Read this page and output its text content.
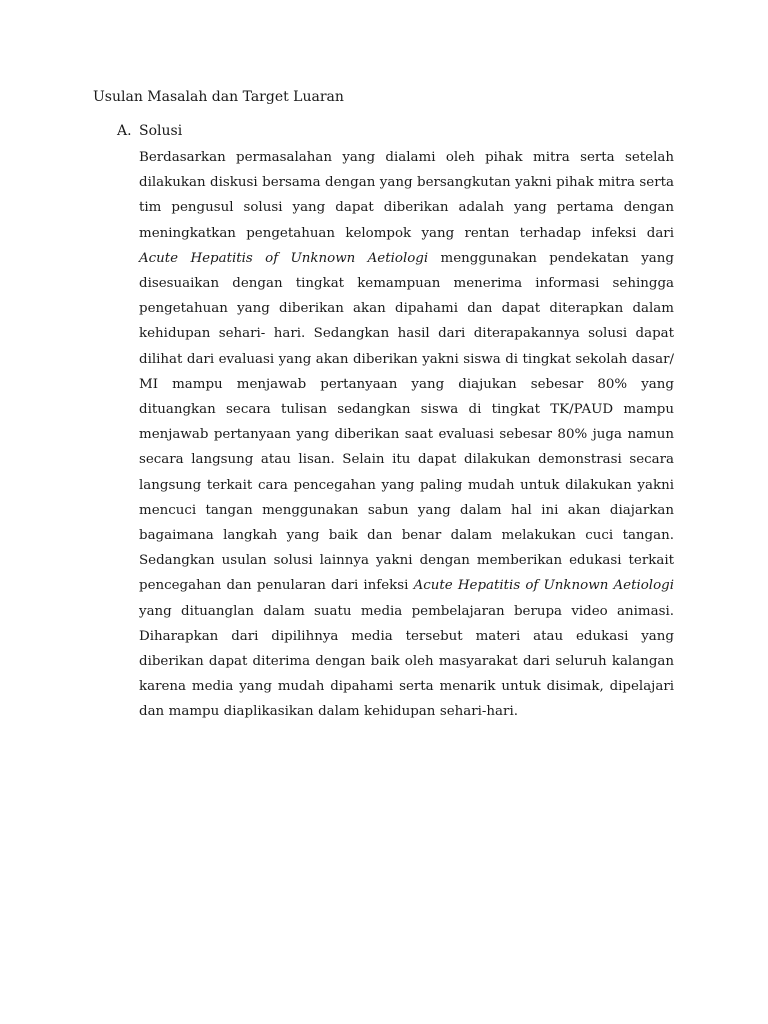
Usulan Masalah dan Target Luaran
A. Solusi

Berdasarkan permasalahan yang dialami oleh pihak mitra serta setelah dilakukan diskusi bersama dengan yang bersangkutan yakni pihak mitra serta tim pengusul solusi yang dapat diberikan adalah yang pertama dengan meningkatkan pengetahuan kelompok yang rentan terhadap infeksi dari Acute Hepatitis of Unknown Aetiologi menggunakan pendekatan yang disesuaikan dengan tingkat kemampuan menerima informasi sehingga pengetahuan yang diberikan akan dipahami dan dapat diterapkan dalam kehidupan sehari- hari. Sedangkan hasil dari diterapakannya solusi dapat dilihat dari evaluasi yang akan diberikan yakni siswa di tingkat sekolah dasar/ MI mampu menjawab pertanyaan yang diajukan sebesar 80% yang dituangkan secara tulisan sedangkan siswa di tingkat TK/PAUD mampu menjawab pertanyaan yang diberikan saat evaluasi sebesar 80% juga namun secara langsung atau lisan. Selain itu dapat dilakukan demonstrasi secara langsung terkait cara pencegahan yang paling mudah untuk dilakukan yakni mencuci tangan menggunakan sabun yang dalam hal ini akan diajarkan bagaimana langkah yang baik dan benar dalam melakukan cuci tangan. Sedangkan usulan solusi lainnya yakni dengan memberikan edukasi terkait pencegahan dan penularan dari infeksi Acute Hepatitis of Unknown Aetiologi yang dituanglan dalam suatu media pembelajaran berupa video animasi. Diharapkan dari dipilihnya media tersebut materi atau edukasi yang diberikan dapat diterima dengan baik oleh masyarakat dari seluruh kalangan karena media yang mudah dipahami serta menarik untuk disimak, dipelajari dan mampu diaplikasikan dalam kehidupan sehari-hari.
